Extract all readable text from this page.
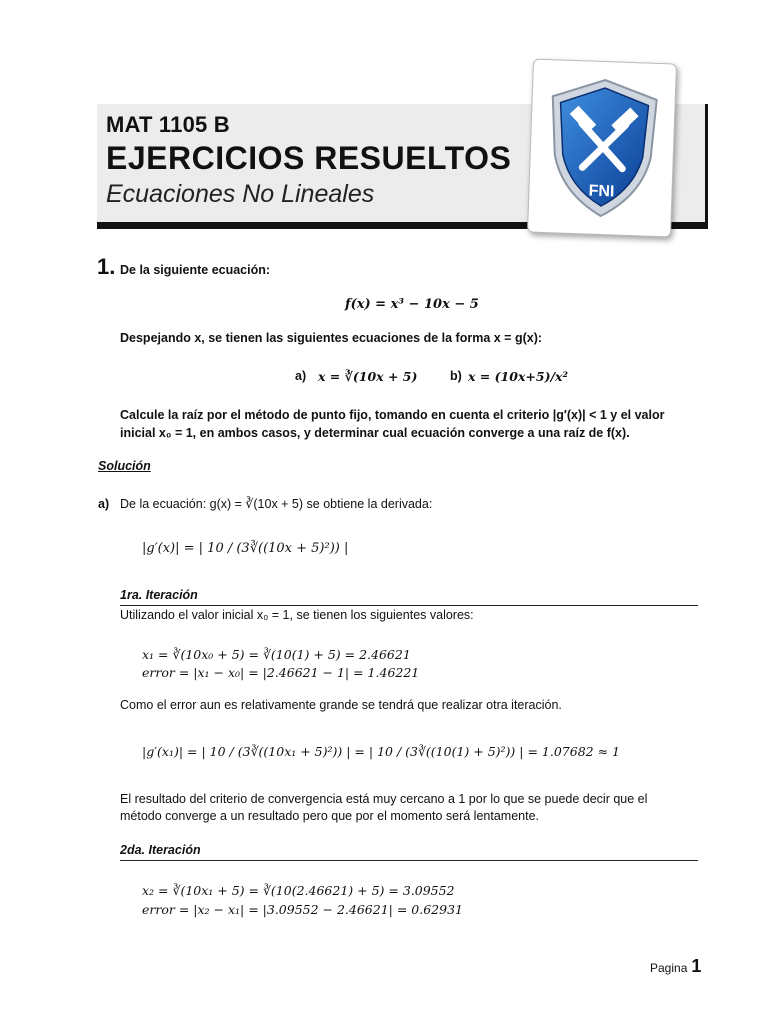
MAT 1105 B
EJERCICIOS RESUELTOS
Ecuaciones No Lineales	FNI
1. De la siguiente ecuación:
f(x) = x³ − 10x − 5
Despejando x, se tienen las siguientes ecuaciones de la forma x = g(x):
a) x = ∛(10x + 5)	b) x = (10x+5)/x²
Calcule la raíz por el método de punto fijo, tomando en cuenta el criterio |g′(x)| < 1 y el valor
inicial x₀ = 1, en ambos casos, y determinar cual ecuación converge a una raíz de f(x).
Solución
a) De la ecuación: g(x) = ∛(10x + 5) se obtiene la derivada:
|g′(x)| = | 10 / (3∛((10x + 5)²)) |
1ra. Iteración
Utilizando el valor inicial x₀ = 1, se tienen los siguientes valores:
x₁ = ∛(10x₀ + 5) = ∛(10(1) + 5) = 2.46621
error = |x₁ − x₀| = |2.46621 − 1| = 1.46221
Como el error aun es relativamente grande se tendrá que realizar otra iteración.
|g′(x₁)| = | 10 / (3∛((10x₁ + 5)²)) | = | 10 / (3∛((10(1) + 5)²)) | = 1.07682 ≈ 1
El resultado del criterio de convergencia está muy cercano a 1 por lo que se puede decir que el
método converge a un resultado pero que por el momento será lentamente.
2da. Iteración
x₂ = ∛(10x₁ + 5) = ∛(10(2.46621) + 5) = 3.09552
error = |x₂ − x₁| = |3.09552 − 2.46621| = 0.62931
Pagina 1
